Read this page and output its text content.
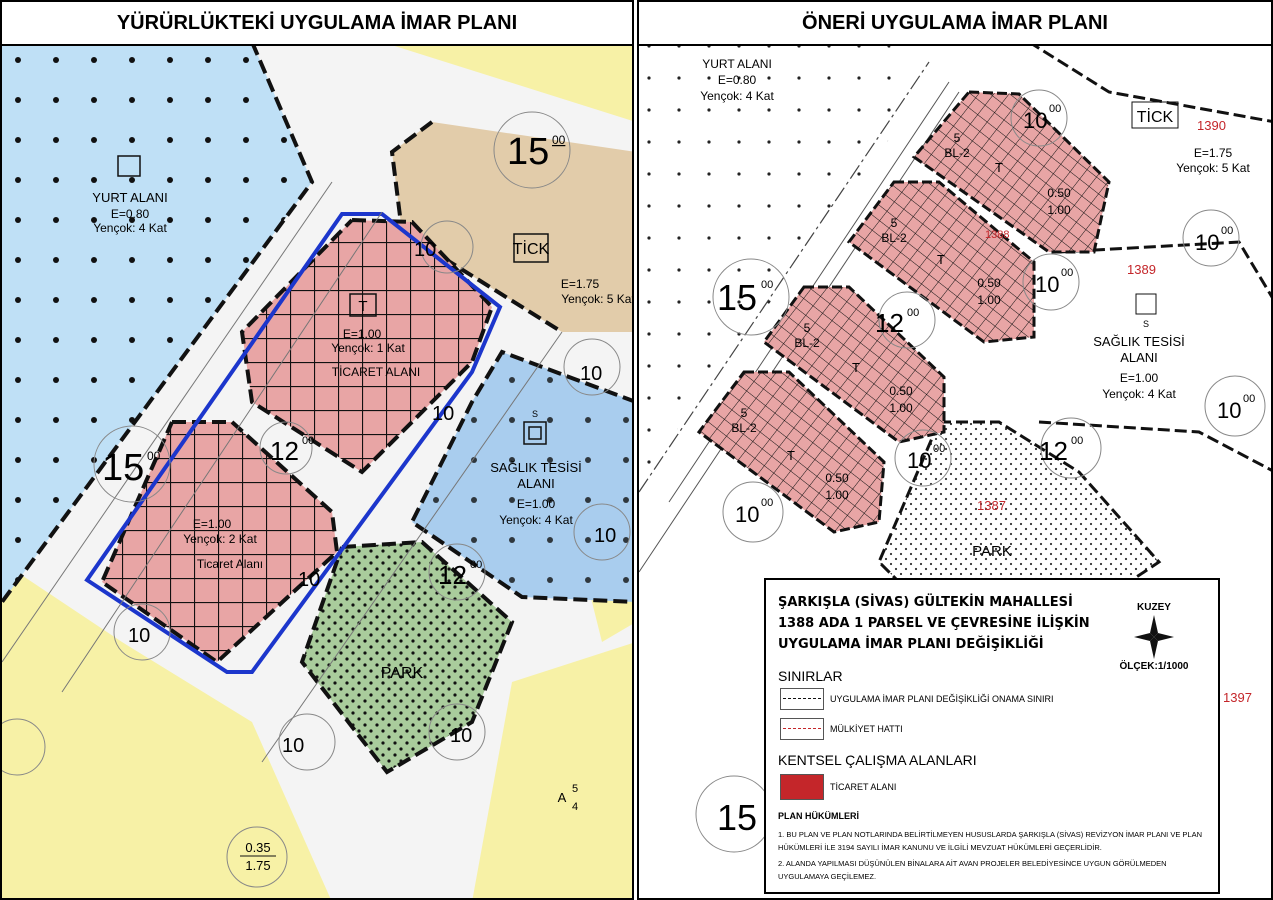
YÜRÜRLÜKTEKİ UYGULAMA İMAR PLANI
YURT ALANI
E=0.80
Yençok: 4 Kat
TİCK
E=1.75
Yençok: 5 Kat
T
E=1.00
Yençok: 1 Kat
TİCARET ALANI
E=1.00
Yençok: 2 Kat
Ticaret Alanı
S
SAĞLIK TESİSİ
ALANI
E=1.00
Yençok: 4 Kat
PARK
15 00
15 00	12 00
12 00
10
10
10
10
10
10
10	10
0.35
1.75
A
5
4
ÖNERİ UYGULAMA İMAR PLANI
YURT ALANI
E=0.80
Yençok: 4 Kat
TİCK 1390
E=1.75
Yençok: 5 Kat
1389
1388
1387
1397
5
BL-2
T
0.50
1.00
5
BL-2
T
0.50
1.00
5
BL-2
T
0.50
1.00
5
BL-2
T
0.50
1.00
S
SAĞLIK TESİSİ
ALANI
E=1.00
Yençok: 4 Kat
PARK
15 00
15
12 00
12 00
10 00
10 00
10 00
10 00
10 00
10 00
ŞARKIŞLA (SİVAS) GÜLTEKİN MAHALLESİ
1388 ADA 1 PARSEL VE ÇEVRESİNE İLİŞKİN
UYGULAMA İMAR PLANI DEĞİŞİKLİĞİ
KUZEY
ÖLÇEK:1/1000
SINIRLAR
UYGULAMA İMAR PLANI DEĞİŞİKLİĞİ ONAMA SINIRI
MÜLKİYET HATTI
KENTSEL ÇALIŞMA ALANLARI
TİCARET ALANI
PLAN HÜKÜMLERİ
1. BU PLAN VE PLAN NOTLARINDA BELİRTİLMEYEN HUSUSLARDA ŞARKIŞLA (SİVAS) REVİZYON İMAR PLANI VE PLAN HÜKÜMLERİ İLE 3194 SAYILI İMAR KANUNU VE İLGİLİ MEVZUAT HÜKÜMLERİ GEÇERLİDİR.
2. ALANDA YAPILMASI DÜŞÜNÜLEN BİNALARA AİT AVAN PROJELER BELEDİYESİNCE UYGUN GÖRÜLMEDEN UYGULAMAYA GEÇİLEMEZ.
